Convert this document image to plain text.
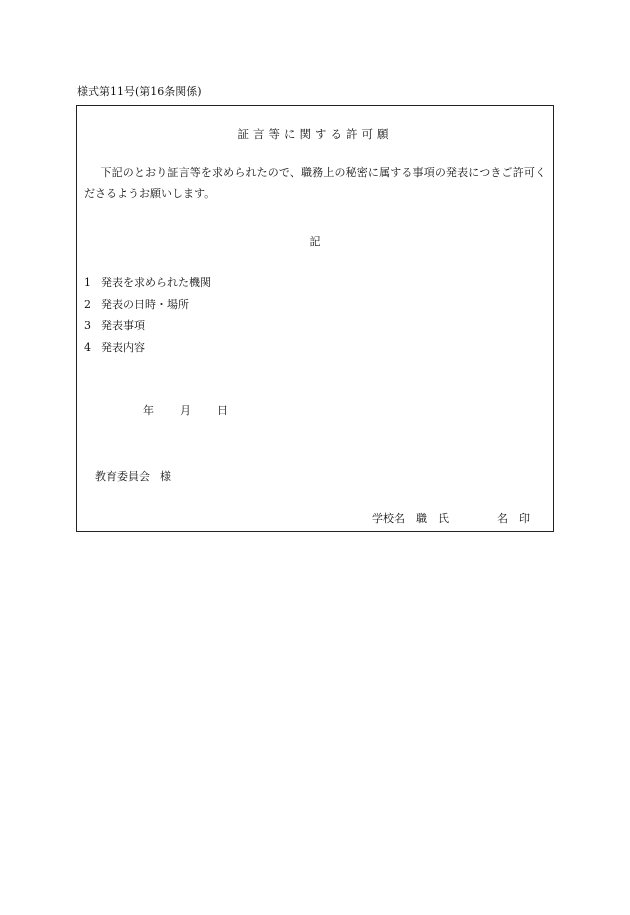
様式第11号(第16条関係)
証言等に関する許可願
下記のとおり証言等を求められたので、職務上の秘密に属する事項の発表につきご許可くださるようお願いします。
記
1 発表を求められた機関
2 発表の日時・場所
3 発表事項
4 発表内容
年 月 日
教育委員会 様
学校名 職　氏	名 印
